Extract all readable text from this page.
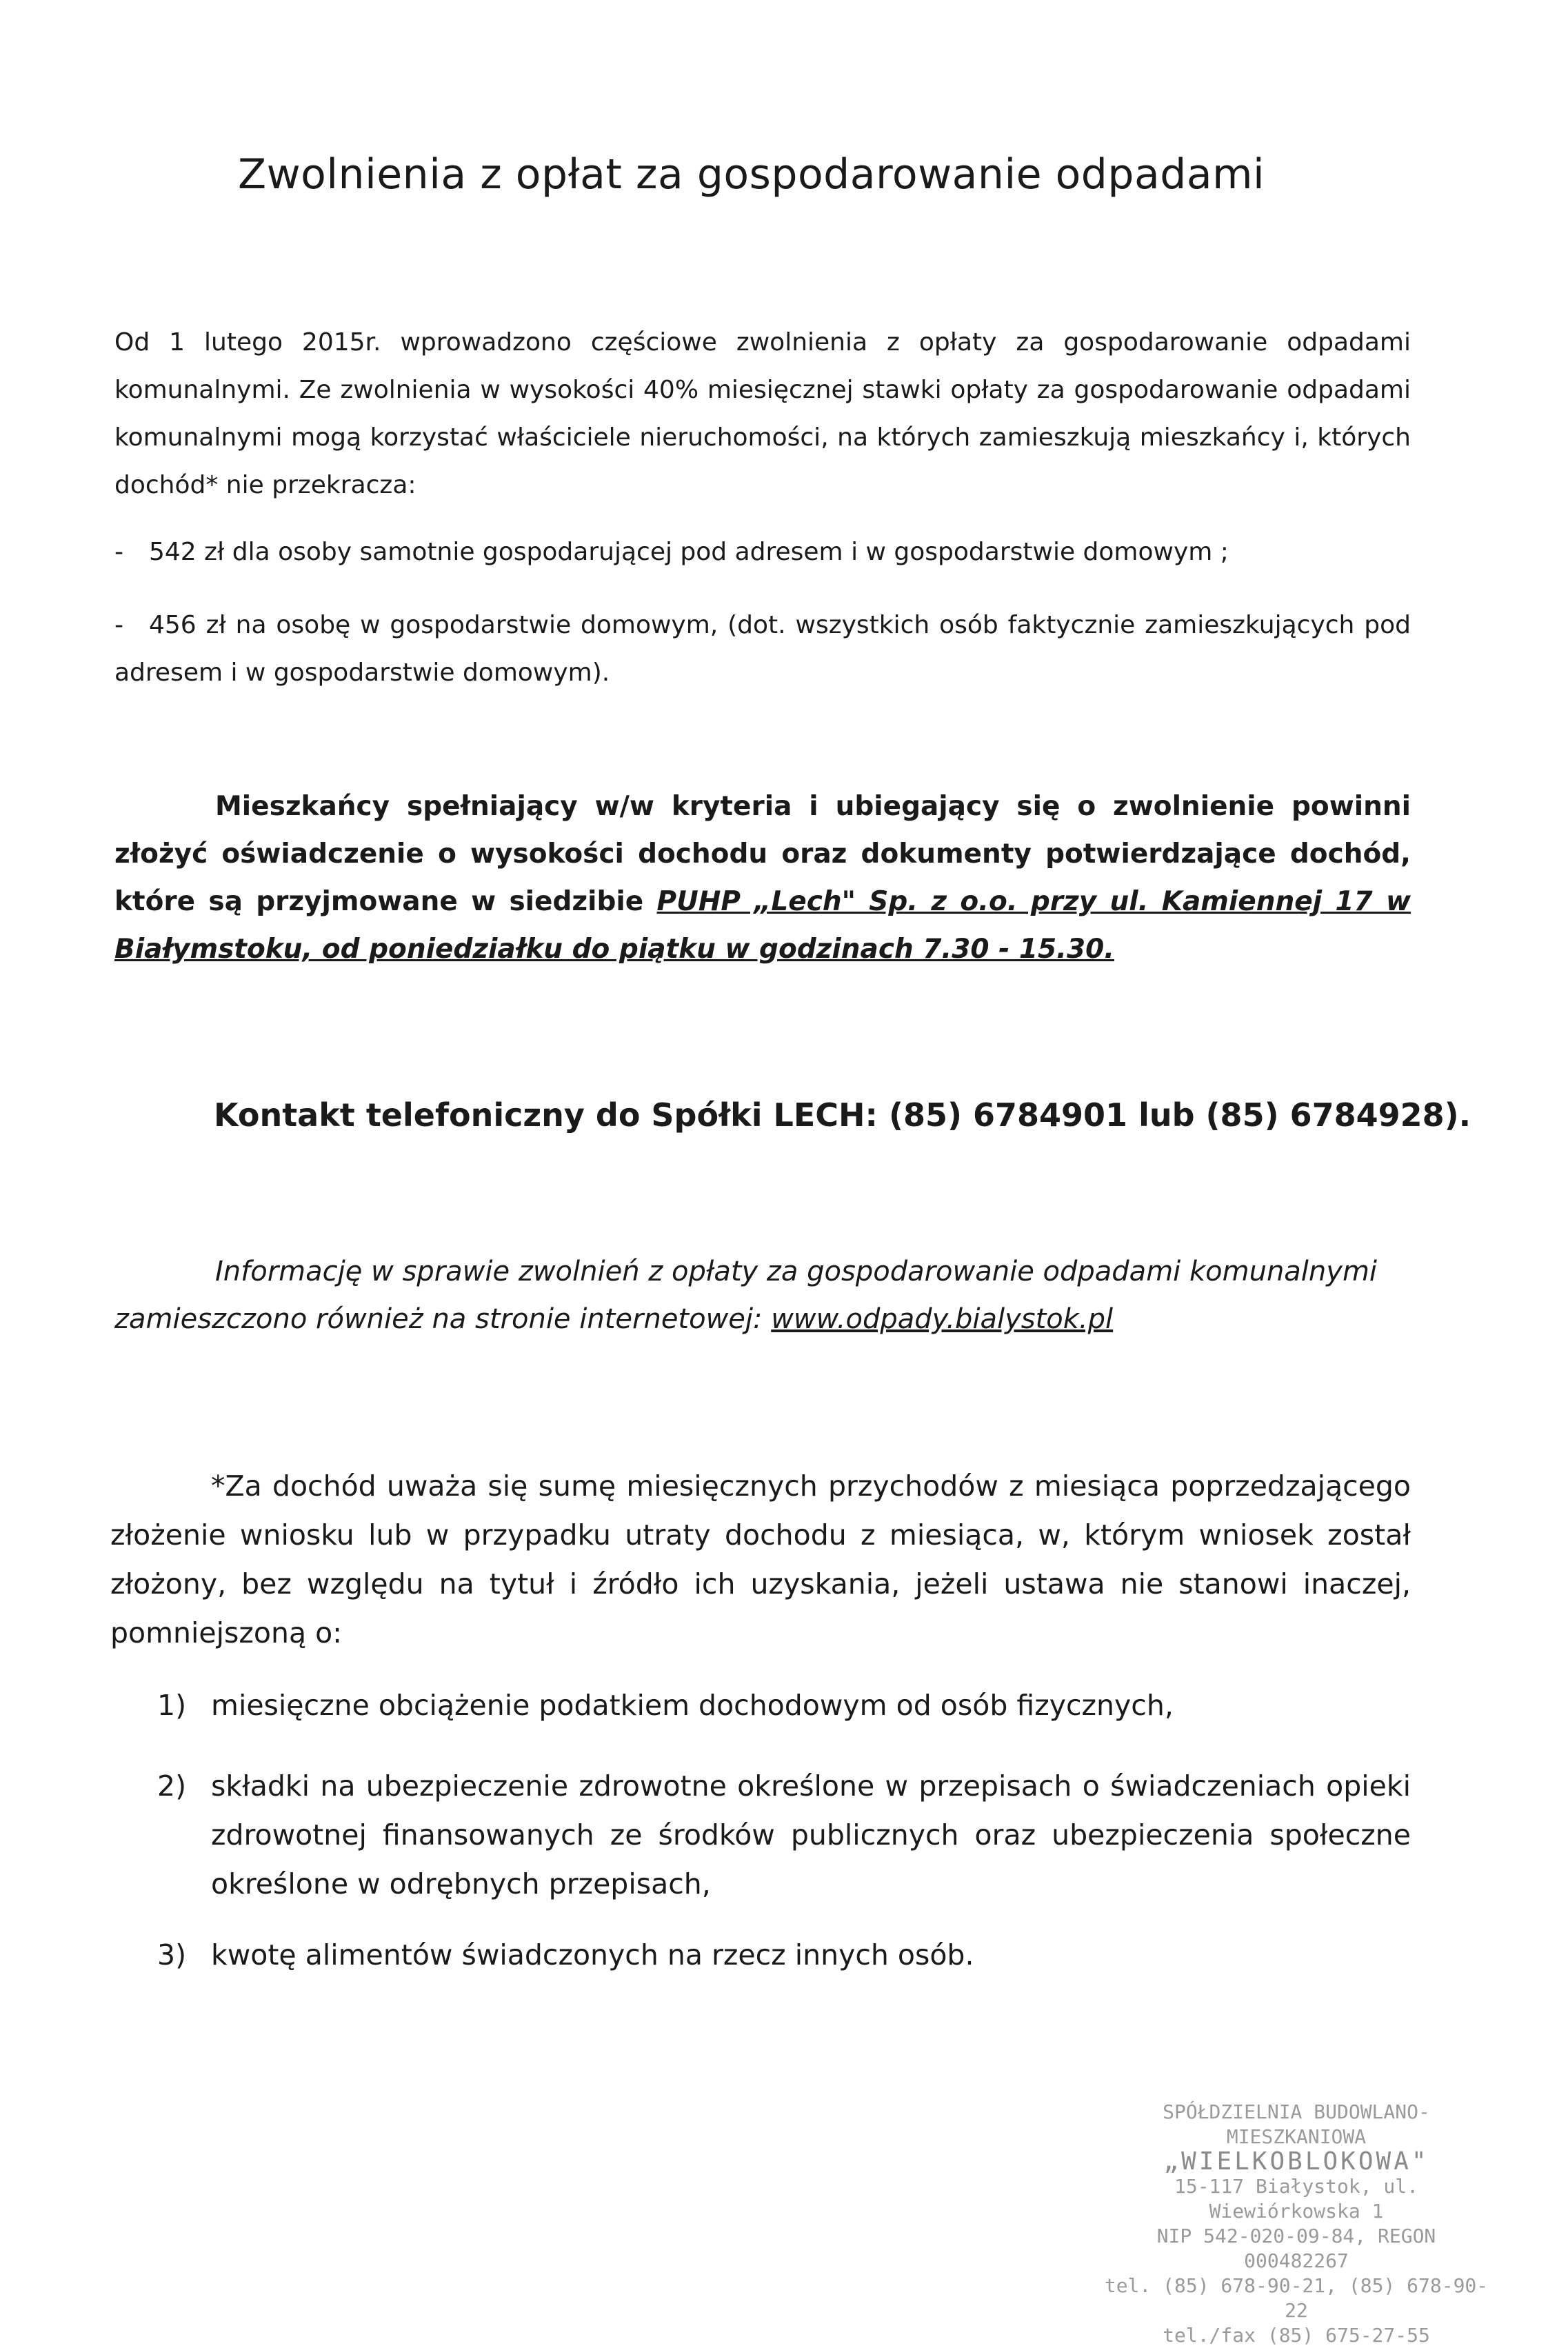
Zwolnienia z opłat za gospodarowanie odpadami

Od 1 lutego 2015r. wprowadzono częściowe zwolnienia z opłaty za gospodarowanie odpadami komunalnymi. Ze zwolnienia w wysokości 40% miesięcznej stawki opłaty za gospodarowanie odpadami komunalnymi mogą korzystać właściciele nieruchomości, na których zamieszkują mieszkańcy i, których dochód* nie przekracza:

- 542 zł dla osoby samotnie gospodarującej pod adresem i w gospodarstwie domowym ;

- 456 zł na osobę w gospodarstwie domowym, (dot. wszystkich osób faktycznie zamieszkujących pod adresem i w gospodarstwie domowym).

Mieszkańcy spełniający w/w kryteria i ubiegający się o zwolnienie powinni złożyć oświadczenie o wysokości dochodu oraz dokumenty potwierdzające dochód, które są przyjmowane w siedzibie PUHP „Lech" Sp. z o.o. przy ul. Kamiennej 17 w Białymstoku, od poniedziałku do piątku w godzinach 7.30 - 15.30.

Kontakt telefoniczny do Spółki LECH: (85) 6784901 lub (85) 6784928).

Informację w sprawie zwolnień z opłaty za gospodarowanie odpadami komunalnymi zamieszczono również na stronie internetowej: www.odpady.bialystok.pl

*Za dochód uważa się sumę miesięcznych przychodów z miesiąca poprzedzającego złożenie wniosku lub w przypadku utraty dochodu z miesiąca, w, którym wniosek został złożony, bez względu na tytuł i źródło ich uzyskania, jeżeli ustawa nie stanowi inaczej, pomniejszoną o:

1) miesięczne obciążenie podatkiem dochodowym od osób fizycznych,
2) składki na ubezpieczenie zdrowotne określone w przepisach o świadczeniach opieki zdrowotnej finansowanych ze środków publicznych oraz ubezpieczenia społeczne określone w odrębnych przepisach,
3) kwotę alimentów świadczonych na rzecz innych osób.
SPÓŁDZIELNIA BUDOWLANO-MIESZKANIOWA
„WIELKOBLOKOWA"
15-117 Białystok, ul. Wiewiórkowska 1
NIP 542-020-09-84, REGON 000482267
tel. (85) 678-90-21, (85) 678-90-22
tel./fax (85) 675-27-55
